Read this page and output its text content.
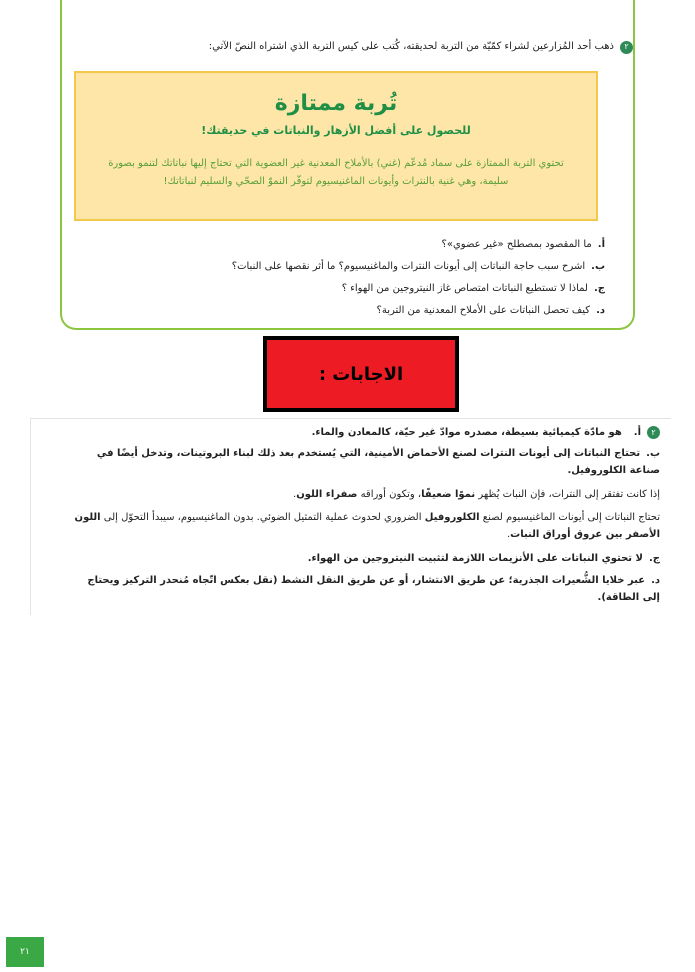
٢
ذهب أحد المُزارعين لشراء كمّيّة من التربة لحديقته، كُتب على كيس التربة الذي اشتراه النصّ الآتي:
تُربة ممتازة
للحصول على أفضل الأزهار والنباتات في حديقتك!
تحتوي التربة الممتازة على سماد مُدعّم (غني) بالأملاح المعدنية غير العضوية التي تحتاج إليها نباتاتك لتنمو بصورة سليمة، وهي غنية بالنترات وأيونات الماغنيسيوم لتوفّر النموّ الصحّي والسليم لنباتاتك!
أ.ما المقصود بمصطلح «غير عضوي»؟
ب.اشرح سبب حاجة النباتات إلى أيونات النترات والماغنيسيوم؟ ما أثر نقصها على النبات؟
ج.لماذا لا تستطيع النباتات امتصاص غاز النيتروجين من الهواء ؟
د.كيف تحصل النباتات على الأملاح المعدنية من التربة؟
الاجابات :
٢
أ.
هو مادّة كيميائية بسيطة، مصدره موادّ غير حيّة، كالمعادن والماء.
ب.تحتاج النباتات إلى أيونات النترات لصنع الأحماض الأمينية، التي يُستخدم بعد ذلك لبناء البروتينات، وتدخل أيضًا في صناعة الكلوروفيل.
إذا كانت تفتقر إلى النترات، فإن النبات يُظهر نموًا ضعيفًا، وتكون أوراقه صفراء اللون.
تحتاج النباتات إلى أيونات الماغنيسيوم لصنع الكلوروفيل الضروري لحدوث عملية التمثيل الضوئي. بدون الماغنيسيوم، سيبدأ التحوّل إلى اللون الأصفر بين عروق أوراق النبات.
ج.لا تحتوي النباتات على الأنزيمات اللازمة لتثبيت النيتروجين من الهواء.
د.عبر خلايا الشُّعيرات الجذرية؛ عن طريق الانتشار، أو عن طريق النقل النشط (نقل بعكس اتّجاه مُنحدر التركيز ويحتاج إلى الطاقة).
٢١
